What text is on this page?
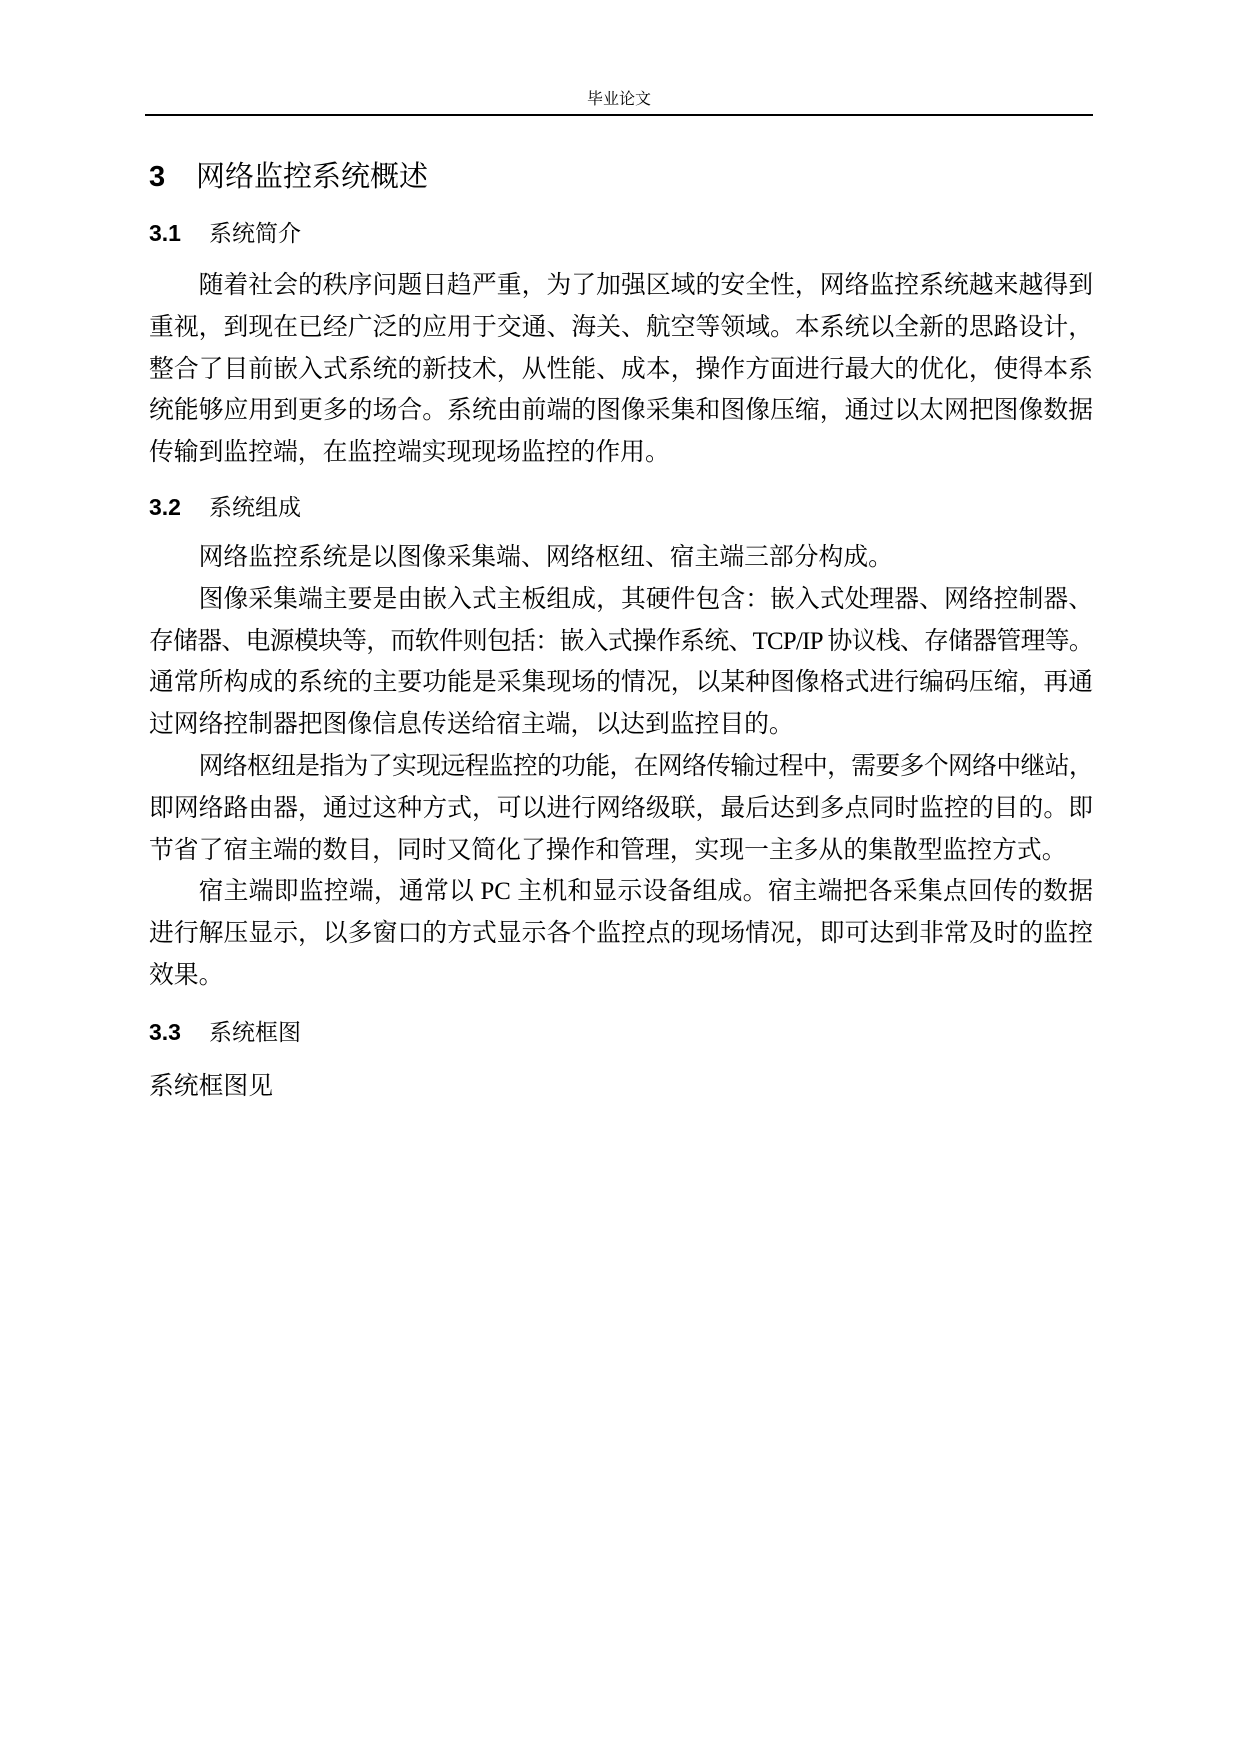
毕业论文
3 网络监控系统概述
3.1 系统简介
随着社会的秩序问题日趋严重，为了加强区域的安全性，网络监控系统越来越得到
重视，到现在已经广泛的应用于交通、海关、航空等领域。本系统以全新的思路设计，
整合了目前嵌入式系统的新技术，从性能、成本，操作方面进行最大的优化，使得本系
统能够应用到更多的场合。系统由前端的图像采集和图像压缩，通过以太网把图像数据
传输到监控端，在监控端实现现场监控的作用。
3.2 系统组成
网络监控系统是以图像采集端、网络枢纽、宿主端三部分构成。
图像采集端主要是由嵌入式主板组成，其硬件包含：嵌入式处理器、网络控制器、
存储器、电源模块等，而软件则包括：嵌入式操作系统、TCP/IP 协议栈、存储器管理等。
通常所构成的系统的主要功能是采集现场的情况，以某种图像格式进行编码压缩，再通
过网络控制器把图像信息传送给宿主端，以达到监控目的。
网络枢纽是指为了实现远程监控的功能，在网络传输过程中，需要多个网络中继站，
即网络路由器，通过这种方式，可以进行网络级联，最后达到多点同时监控的目的。即
节省了宿主端的数目，同时又简化了操作和管理，实现一主多从的集散型监控方式。
宿主端即监控端，通常以 PC 主机和显示设备组成。宿主端把各采集点回传的数据
进行解压显示，以多窗口的方式显示各个监控点的现场情况，即可达到非常及时的监控
效果。
3.3 系统框图
系统框图见
